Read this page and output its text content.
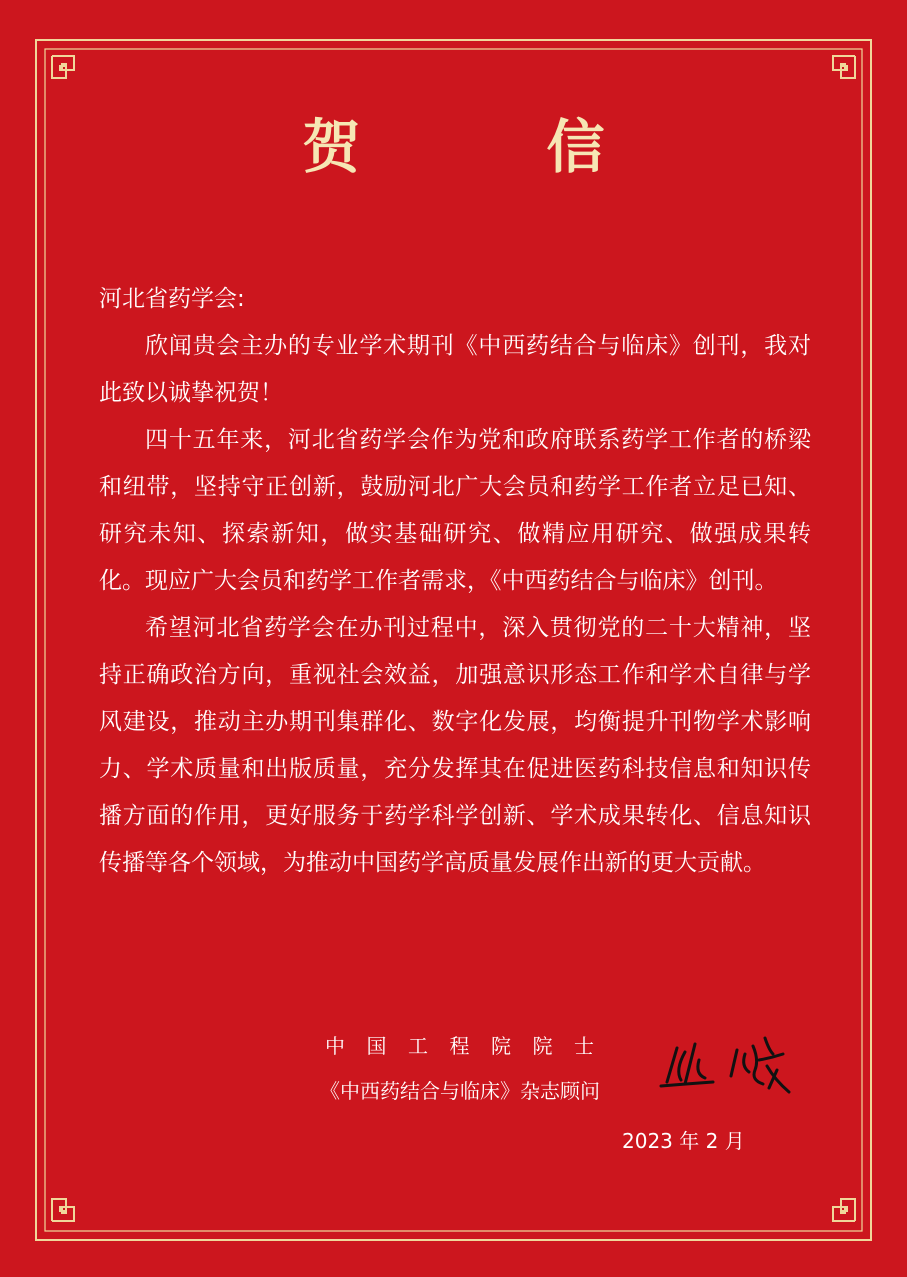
贺　信

河北省药学会:

欣闻贵会主办的专业学术期刊《中西药结合与临床》创刊，我对此致以诚挚祝贺！

四十五年来，河北省药学会作为党和政府联系药学工作者的桥梁和纽带，坚持守正创新，鼓励河北广大会员和药学工作者立足已知、研究未知、探索新知，做实基础研究、做精应用研究、做强成果转化。现应广大会员和药学工作者需求，《中西药结合与临床》创刊。

希望河北省药学会在办刊过程中，深入贯彻党的二十大精神，坚持正确政治方向，重视社会效益，加强意识形态工作和学术自律与学风建设，推动主办期刊集群化、数字化发展，均衡提升刊物学术影响力、学术质量和出版质量，充分发挥其在促进医药科技信息和知识传播方面的作用，更好服务于药学科学创新、学术成果转化、信息知识传播等各个领域，为推动中国药学高质量发展作出新的更大贡献。

中国工程院院士
《中西药结合与临床》杂志顾问
2023 年 2 月
